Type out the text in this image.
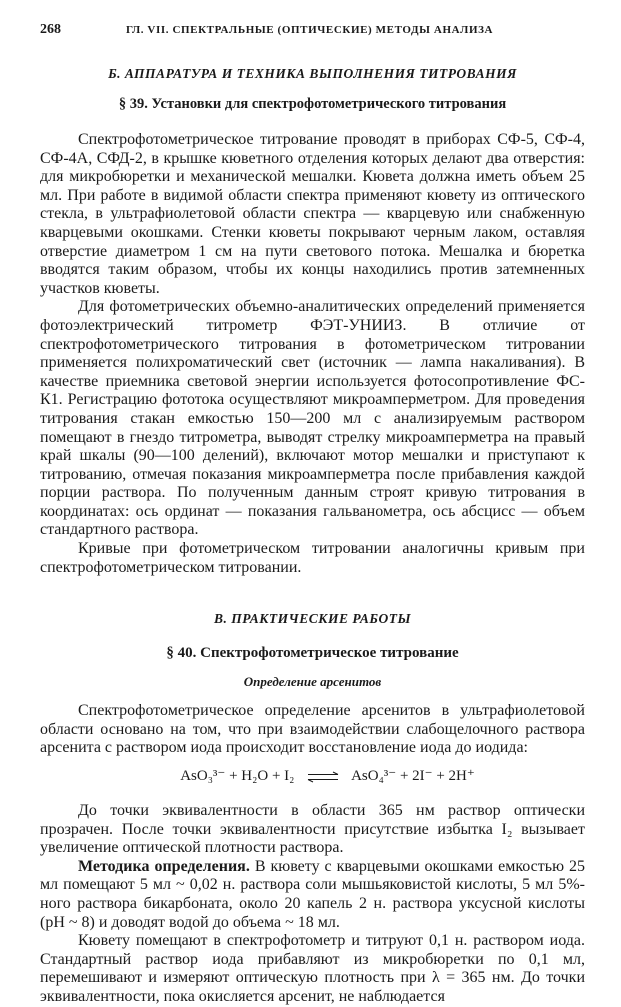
268	ГЛ. VII. СПЕКТРАЛЬНЫЕ (ОПТИЧЕСКИЕ) МЕТОДЫ АНАЛИЗА
Б. АППАРАТУРА И ТЕХНИКА ВЫПОЛНЕНИЯ ТИТРОВАНИЯ
§ 39. Установки для спектрофотометрического титрования

Спектрофотометрическое титрование проводят в приборах СФ-5, СФ-4, СФ-4А, СФД-2, в крышке кюветного отделения которых делают два отверстия: для микробюретки и механической мешалки. Кювета должна иметь объем 25 мл. При работе в видимой области спектра применяют кювету из оптического стекла, в ультрафиолетовой области спектра — кварцевую или снабженную кварцевыми окошками. Стенки кюветы покрывают черным лаком, оставляя отверстие диаметром 1 см на пути светового потока. Мешалка и бюретка вводятся таким образом, чтобы их концы находились против затемненных участков кюветы.

Для фотометрических объемно-аналитических определений применяется фотоэлектрический титрометр ФЭТ-УНИИЗ. В отличие от спектрофотометрического титрования в фотометрическом титровании применяется полихроматический свет (источник — лампа накаливания). В качестве приемника световой энергии используется фотосопротивление ФС-К1. Регистрацию фототока осуществляют микроамперметром. Для проведения титрования стакан емкостью 150—200 мл с анализируемым раствором помещают в гнездо титрометра, выводят стрелку микроамперметра на правый край шкалы (90—100 делений), включают мотор мешалки и приступают к титрованию, отмечая показания микроамперметра после прибавления каждой порции раствора. По полученным данным строят кривую титрования в координатах: ось ординат — показания гальванометра, ось абсцисс — объем стандартного раствора.

Кривые при фотометрическом титровании аналогичны кривым при спектрофотометрическом титровании.

В. ПРАКТИЧЕСКИЕ РАБОТЫ
§ 40. Спектрофотометрическое титрование
Определение арсенитов

Спектрофотометрическое определение арсенитов в ультрафиолетовой области основано на том, что при взаимодействии слабощелочного раствора арсенита с раствором иода происходит восстановление иода до иодида:

AsO₃³⁻ + H₂O + I₂ ⇌ AsO₄³⁻ + 2I⁻ + 2H⁺

До точки эквивалентности в области 365 нм раствор оптически прозрачен. После точки эквивалентности присутствие избытка I₂ вызывает увеличение оптической плотности раствора.

Методика определения. В кювету с кварцевыми окошками емкостью 25 мл помещают 5 мл ~ 0,02 н. раствора соли мышьяковистой кислоты, 5 мл 5%-ного раствора бикарбоната, около 20 капель 2 н. раствора уксусной кислоты (pH ~ 8) и доводят водой до объема ~ 18 мл.

Кювету помещают в спектрофотометр и титруют 0,1 н. раствором иода. Стандартный раствор иода прибавляют из микробюретки по 0,1 мл, перемешивают и измеряют оптическую плотность при λ = 365 нм. До точки эквивалентности, пока окисляется арсенит, не наблюдается
